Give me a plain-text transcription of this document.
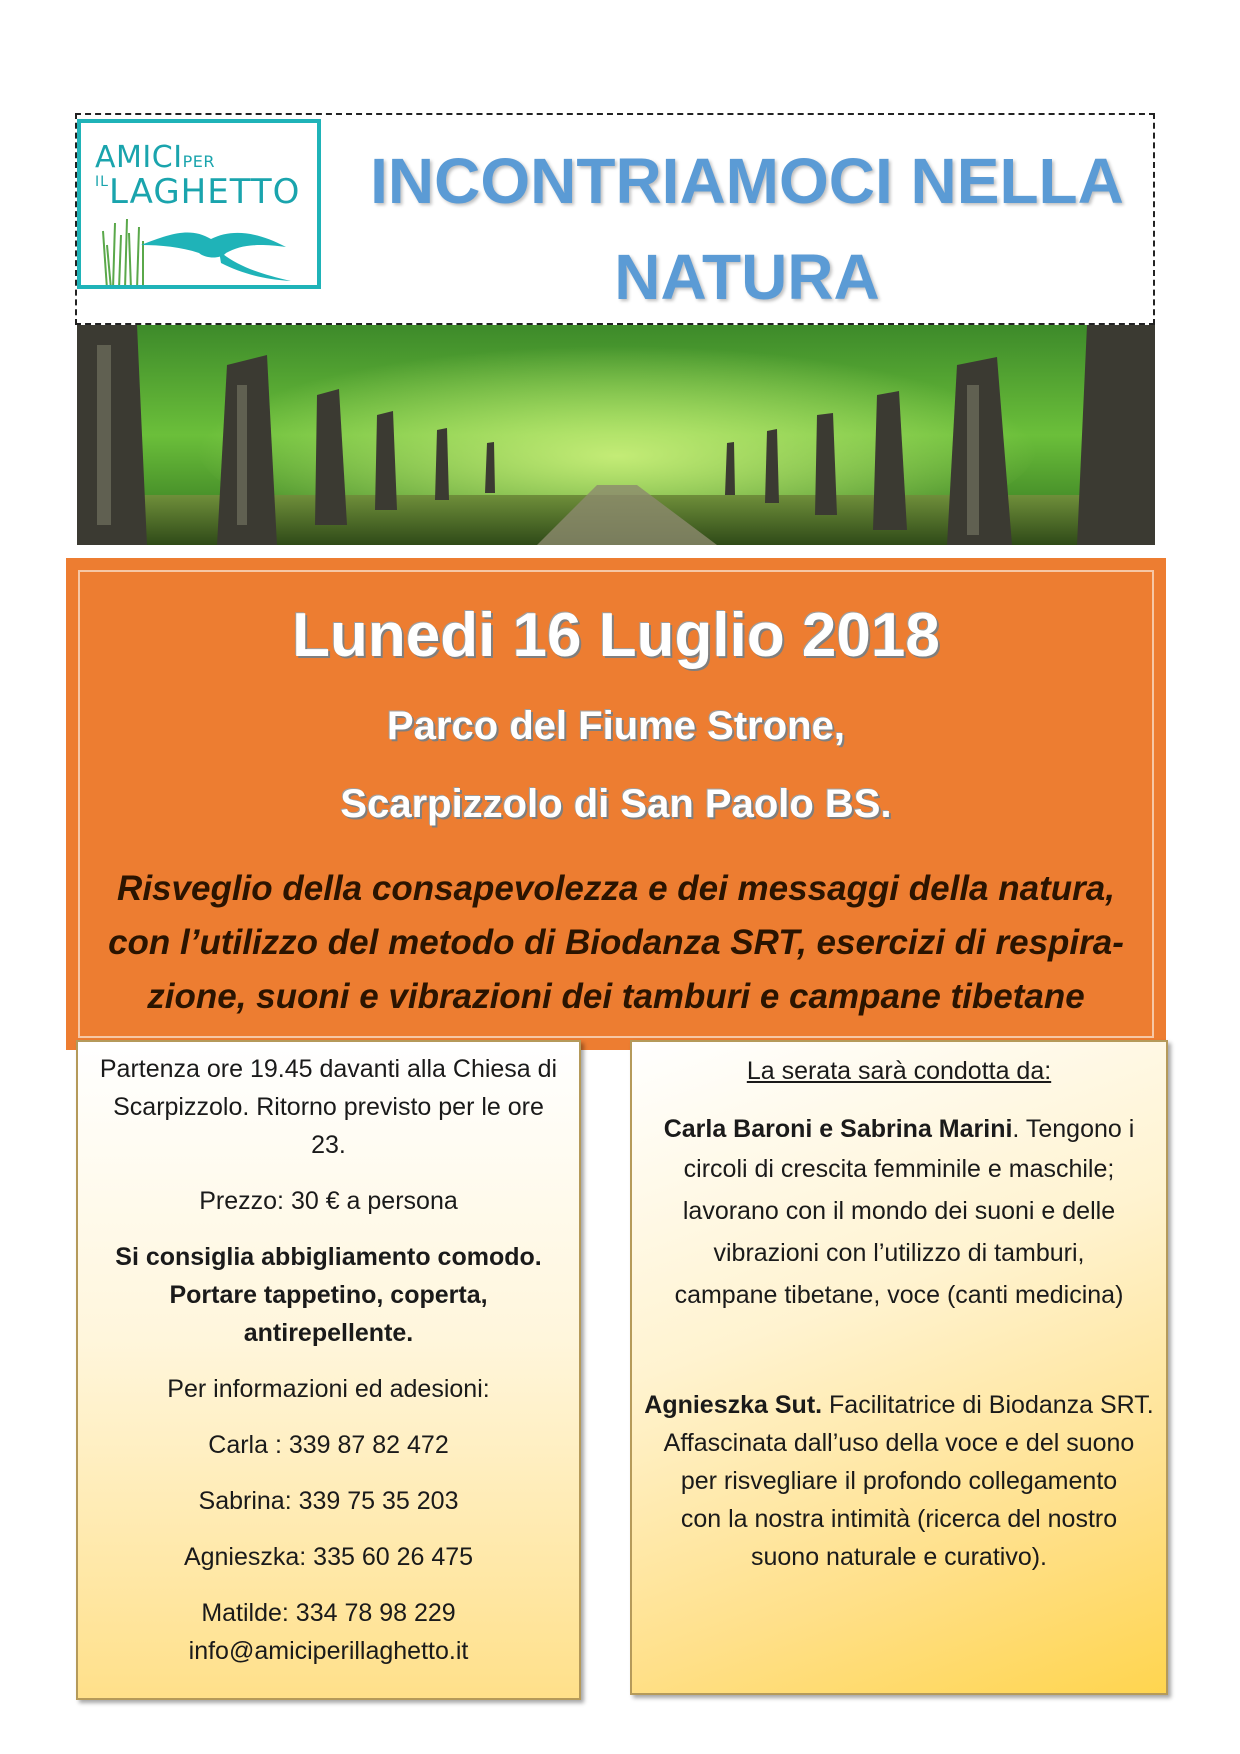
AMICIPER
$^{IL}$LAGHETTO INCONTRIAMOCI NELLA
NATURA
Lunedi 16 Luglio 2018
Parco del Fiume Strone,
Scarpizzolo di San Paolo BS.
Risveglio della consapevolezza e dei messaggi della natura,
con l’utilizzo del metodo di Biodanza SRT, esercizi di respira-
zione, suoni e vibrazioni dei tamburi e campane tibetane

Partenza ore 19.45 davanti alla Chiesa di

Scarpizzolo. Ritorno previsto per le ore

23.

Prezzo: 30 € a persona

Si consiglia abbigliamento comodo.

Portare tappetino, coperta,

antirepellente.

Per informazioni ed adesioni:

Carla : 339 87 82 472

Sabrina: 339 75 35 203

Agnieszka: 335 60 26 475

Matilde: 334 78 98 229

info@amiciperillaghetto.it

La serata sarà condotta da:

Carla Baroni e Sabrina Marini. Tengono i

circoli di crescita femminile e maschile;

lavorano con il mondo dei suoni e delle

vibrazioni con l’utilizzo di tamburi,

campane tibetane, voce (canti medicina)

Agnieszka Sut. Facilitatrice di Biodanza SRT.

Affascinata dall’uso della voce e del suono

per risvegliare il profondo collegamento

con la nostra intimità (ricerca del nostro

suono naturale e curativo).
